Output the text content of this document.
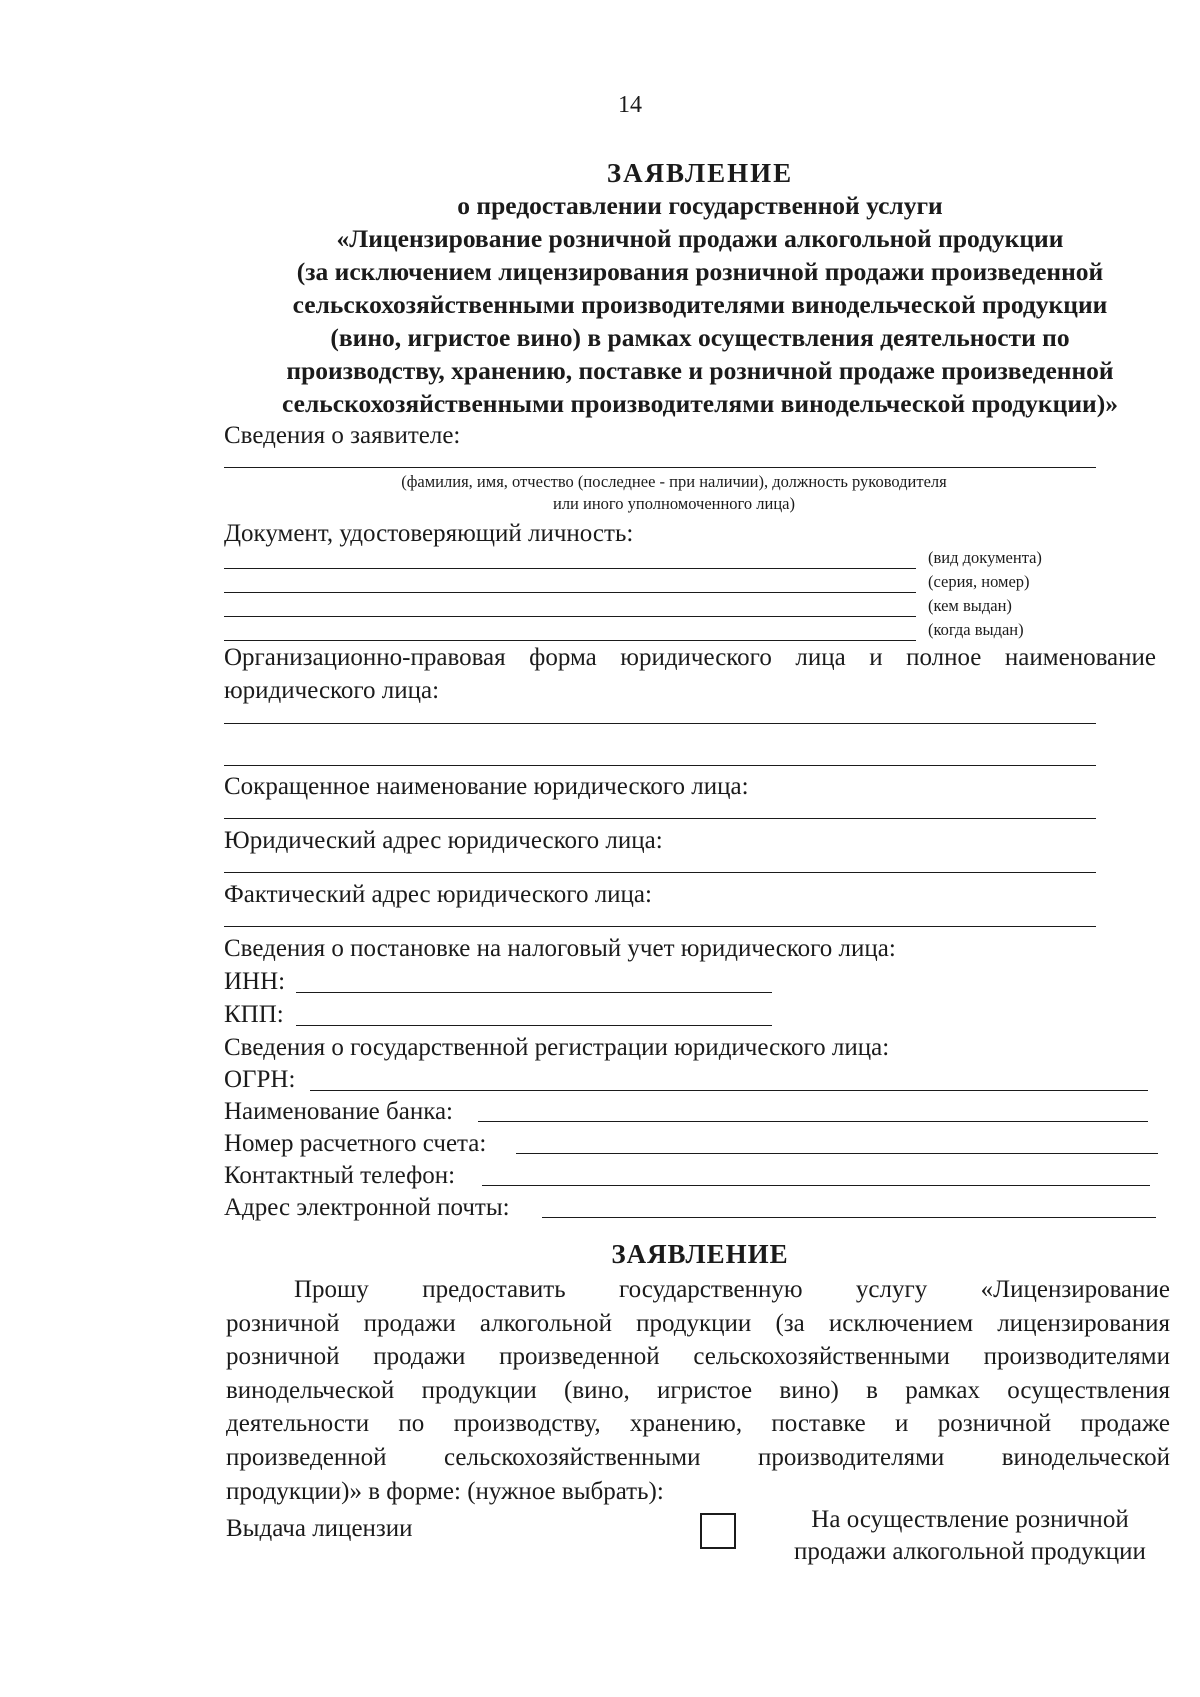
14
ЗАЯВЛЕНИЕ
о предоставлении государственной услуги
«Лицензирование розничной продажи алкогольной продукции
(за исключением лицензирования розничной продажи произведенной
сельскохозяйственными производителями винодельческой продукции
(вино, игристое вино) в рамках осуществления деятельности по
производству, хранению, поставке и розничной продаже произведенной
сельскохозяйственными производителями винодельческой продукции)»
Сведения о заявителе:
(фамилия, имя, отчество (последнее - при наличии), должность руководителя
или иного уполномоченного лица)
Документ, удостоверяющий личность:
(вид документа)
(серия, номер)
(кем выдан)
(когда выдан)
Организационно-правовая форма юридического лица и полное наименование
юридического лица:
Сокращенное наименование юридического лица:
Юридический адрес юридического лица:
Фактический адрес юридического лица:
Сведения о постановке на налоговый учет юридического лица:
ИНН:
КПП:
Сведения о государственной регистрации юридического лица:
ОГРН:
Наименование банка:
Номер расчетного счета:
Контактный телефон:
Адрес электронной почты:
ЗАЯВЛЕНИЕ
Прошу предоставить государственную услугу «Лицензирование
розничной продажи алкогольной продукции (за исключением лицензирования
розничной продажи произведенной сельскохозяйственными производителями
винодельческой продукции (вино, игристое вино) в рамках осуществления
деятельности по производству, хранению, поставке и розничной продаже
произведенной сельскохозяйственными производителями винодельческой
продукции)» в форме: (нужное выбрать):
Выдача лицензии	На осуществление розничной
продажи алкогольной продукции
